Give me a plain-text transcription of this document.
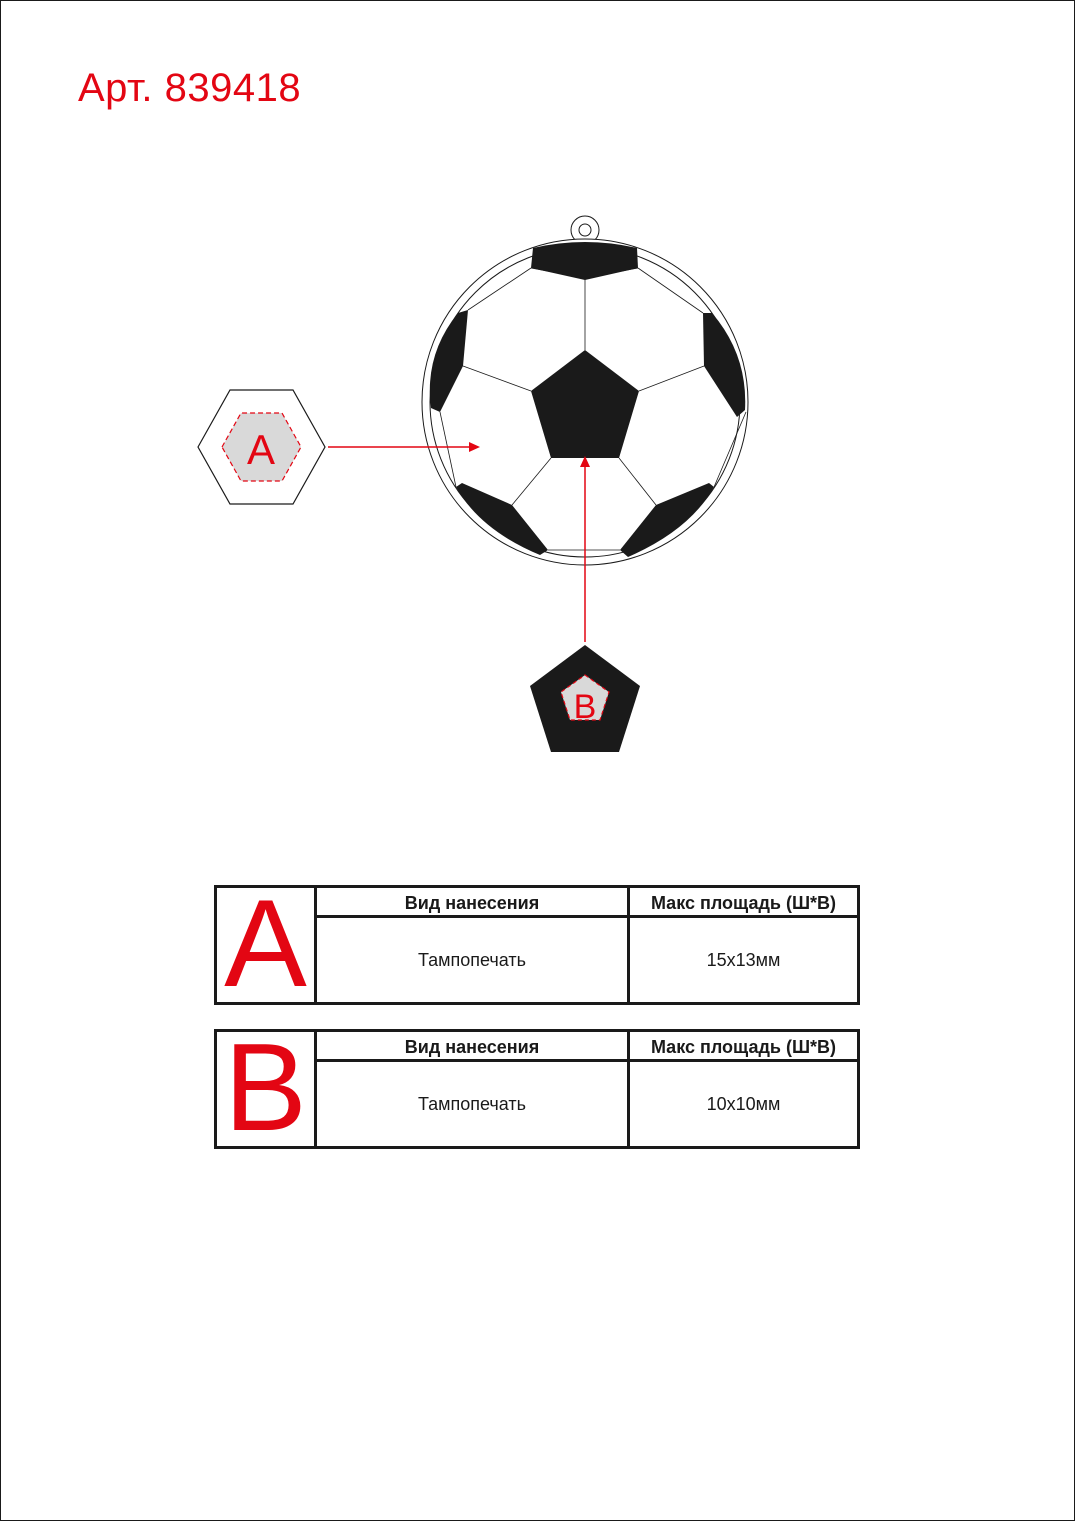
Арт. 839418
A
B
A	Вид нанесения
Тампопечать
Макс площадь (Ш*В)
15х13мм
B	Вид нанесения
Тампопечать
Макс площадь (Ш*В)
10х10мм
